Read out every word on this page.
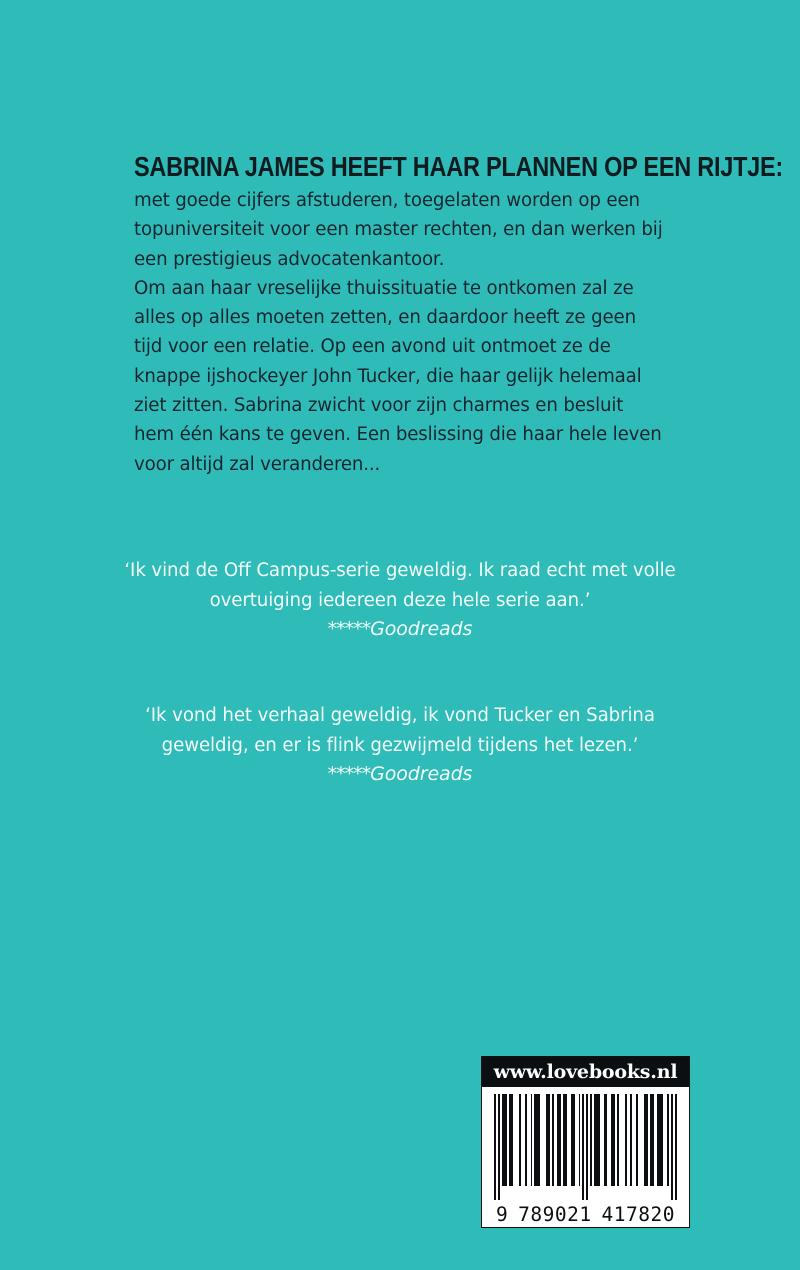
SABRINA JAMES HEEFT HAAR PLANNEN OP EEN RIJTJE:

met goede cijfers afstuderen, toegelaten worden op een topuniversiteit voor een master rechten, en dan werken bij een prestigieus advocatenkantoor.

Om aan haar vreselijke thuissituatie te ontkomen zal ze alles op alles moeten zetten, en daardoor heeft ze geen tijd voor een relatie. Op een avond uit ontmoet ze de knappe ijshockeyer John Tucker, die haar gelijk helemaal ziet zitten. Sabrina zwicht voor zijn charmes en besluit hem één kans te geven. Een beslissing die haar hele leven voor altijd zal veranderen...

‘Ik vind de Off Campus-serie geweldig. Ik raad echt met volle overtuiging iedereen deze hele serie aan.’

*****Goodreads

‘Ik vond het verhaal geweldig, ik vond Tucker en Sabrina geweldig, en er is flink gezwijmeld tijdens het lezen.’

*****Goodreads

www.lovebooks.nl
9 789021 417820
